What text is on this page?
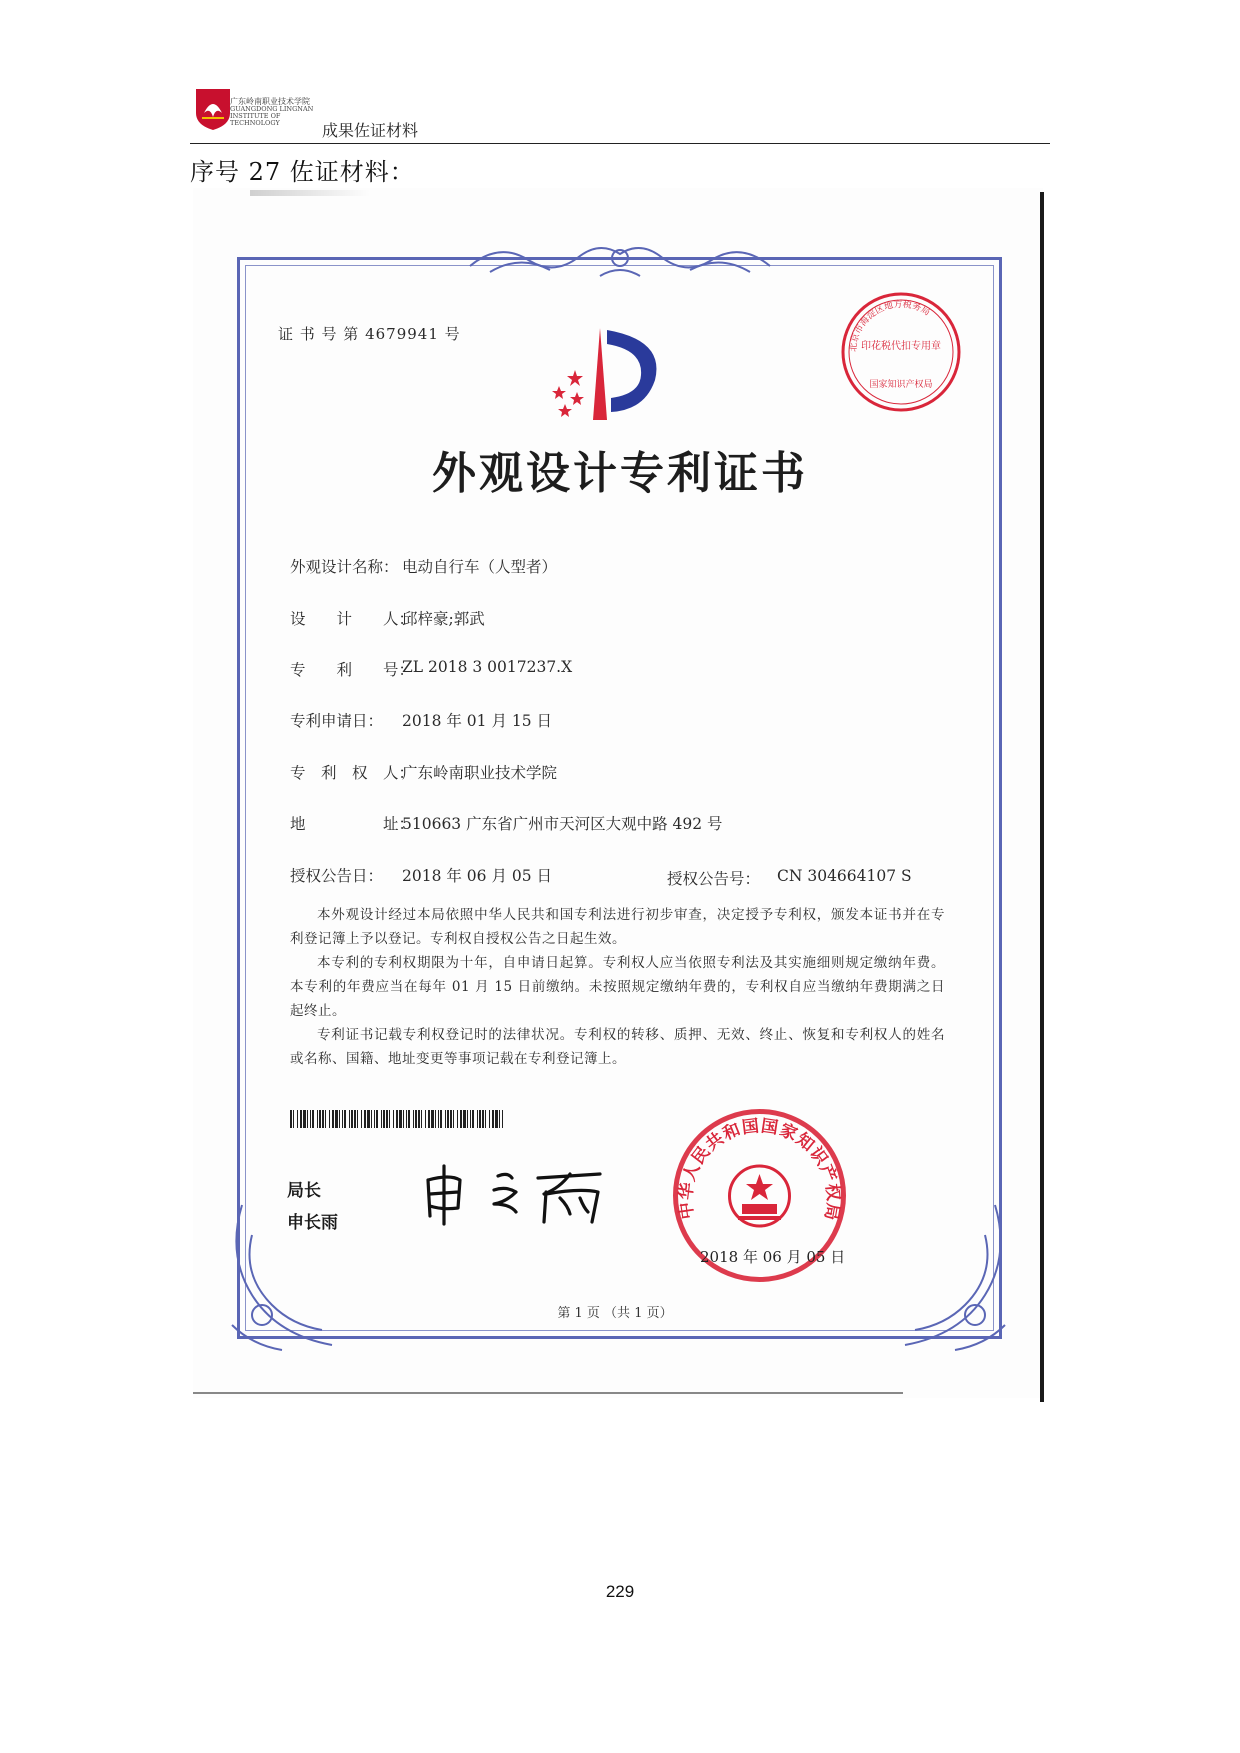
广东岭南职业技术学院
GUANGDONG LINGNAN INSTITUTE OF TECHNOLOGY	成果佐证材料
序号 27 佐证材料：
证 书 号 第 4679941 号
北京市海淀区地方税务局
印花税代扣专用章
国家知识产权局
外观设计专利证书
外观设计名称： 电动自行车（人型者）
设　　计　　人：
邱梓豪;郭武
专　　利　　号：
ZL 2018 3 0017237.X
专利申请日： 2018 年 01 月 15 日
专　利　权　人：
广东岭南职业技术学院
地　　　　　址：
510663 广东省广州市天河区大观中路 492 号
授权公告日： 2018 年 06 月 05 日	授权公告号： CN 304664107 S
本外观设计经过本局依照中华人民共和国专利法进行初步审查，决定授予专利权，颁发本证书并在专利登记簿上予以登记。专利权自授权公告之日起生效。
本专利的专利权期限为十年，自申请日起算。专利权人应当依照专利法及其实施细则规定缴纳年费。本专利的年费应当在每年 01 月 15 日前缴纳。未按照规定缴纳年费的，专利权自应当缴纳年费期满之日起终止。
专利证书记载专利权登记时的法律状况。专利权的转移、质押、无效、终止、恢复和专利权人的姓名或名称、国籍、地址变更等事项记载在专利登记簿上。
局长
申长雨
中华人民共和国国家知识产权局
2018 年 06 月 05 日
第 1 页 （共 1 页）
229
